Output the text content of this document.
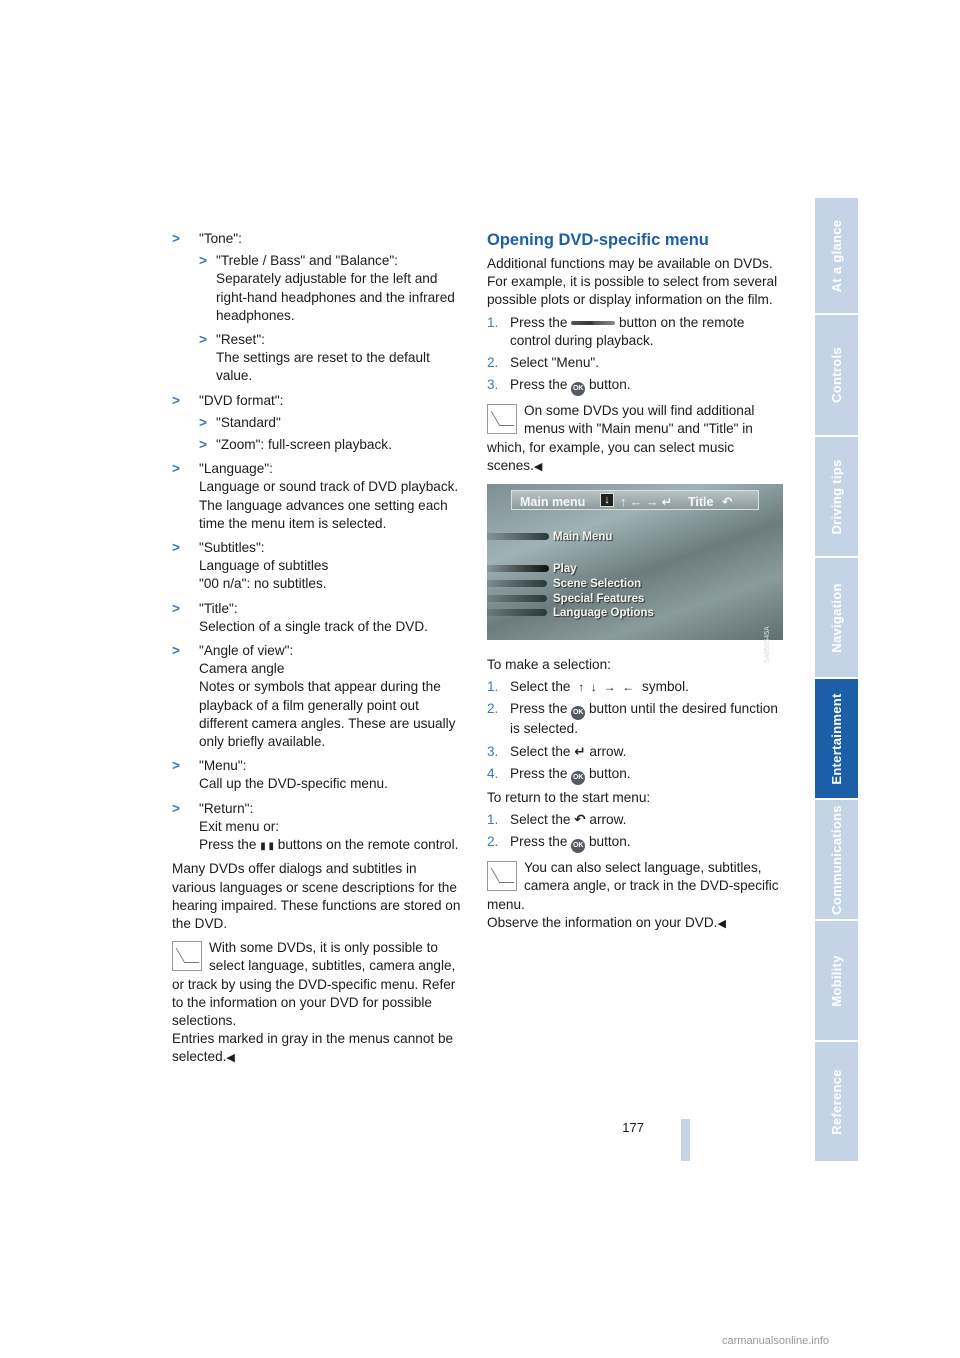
At a glance
Controls
Driving tips
Navigation
Entertainment
Communications
Mobility
Reference
> "Tone":
> "Treble / Bass" and "Balance":
Separately adjustable for the left and right-hand headphones and the infrared headphones.
> "Reset":
The settings are reset to the default value.
> "DVD format":
> "Standard"
> "Zoom": full-screen playback.
> "Language":
Language or sound track of DVD playback. The language advances one setting each time the menu item is selected.
> "Subtitles":
Language of subtitles
"00 n/a": no subtitles.
> "Title":
Selection of a single track of the DVD.
> "Angle of view":
Camera angle
Notes or symbols that appear during the playback of a film generally point out different camera angles. These are usually only briefly available.
> "Menu":
Call up the DVD-specific menu.
> "Return":
Exit menu or:
Press the ▮ ▮ buttons on the remote control.

Many DVDs offer dialogs and subtitles in various languages or scene descriptions for the hearing impaired. These functions are stored on the DVD.

With some DVDs, it is only possible to select language, subtitles, camera angle, or track by using the DVD-specific menu. Refer to the information on your DVD for possible selections.
Entries marked in gray in the menus cannot be selected.◀
Opening DVD-specific menu

Additional functions may be available on DVDs. For example, it is possible to select from several possible plots or display information on the film.

1. Press the	button on the remote control during playback.
2. Select "Menu".
3. Press the OK button.
On some DVDs you will find additional menus with "Main menu" and "Title" in which, for example, you can select music scenes.◀
Main menu	↓ ↑ ← → ↵ Title ↶
Main Menu
Play
Scene Selection
Special Features
Language Options
SA050545A

To make a selection:

1. Select the ↑  ↓  →  ← symbol.
2. Press the OK button until the desired function is selected.
3. Select the ↵ arrow.
4. Press the OK button.

To return to the start menu:

1. Select the ↶ arrow.
2. Press the OK button.
You can also select language, subtitles, camera angle, or track in the DVD-specific menu.
Observe the information on your DVD.◀
177
carmanualsonline.info
